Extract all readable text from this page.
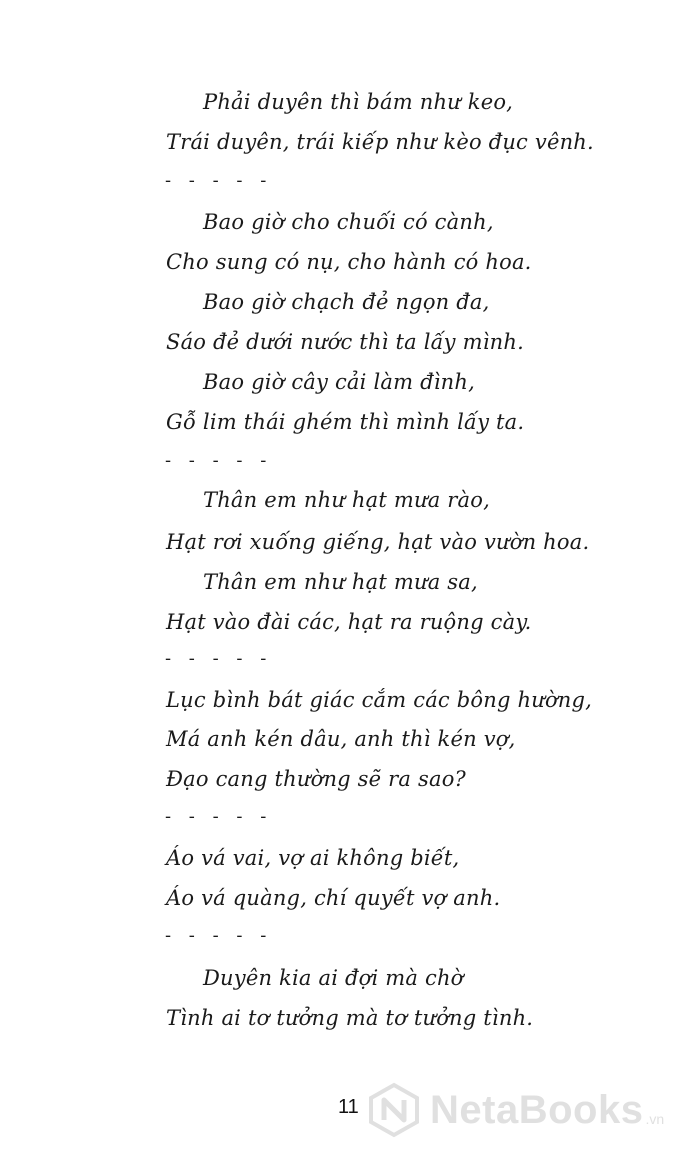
Phải duyên thì bám như keo,
Trái duyên, trái kiếp như kèo đục vênh.
- - - - -
Bao giờ cho chuối có cành,
Cho sung có nụ, cho hành có hoa.
Bao giờ chạch đẻ ngọn đa,
Sáo đẻ dưới nước thì ta lấy mình.
Bao giờ cây cải làm đình,
Gỗ lim thái ghém thì mình lấy ta.
- - - - -
Thân em như hạt mưa rào,
Hạt rơi xuống giếng, hạt vào vườn hoa.
Thân em như hạt mưa sa,
Hạt vào đài các, hạt ra ruộng cày.
- - - - -
Lục bình bát giác cắm các bông hường,
Má anh kén dâu, anh thì kén vợ,
Đạo cang thường sẽ ra sao?
- - - - -
Áo vá vai, vợ ai không biết,
Áo vá quàng, chí quyết vợ anh.
- - - - -
Duyên kia ai đợi mà chờ
Tình ai tơ tưởng mà tơ tưởng tình.
11 NetaBooks .vn
